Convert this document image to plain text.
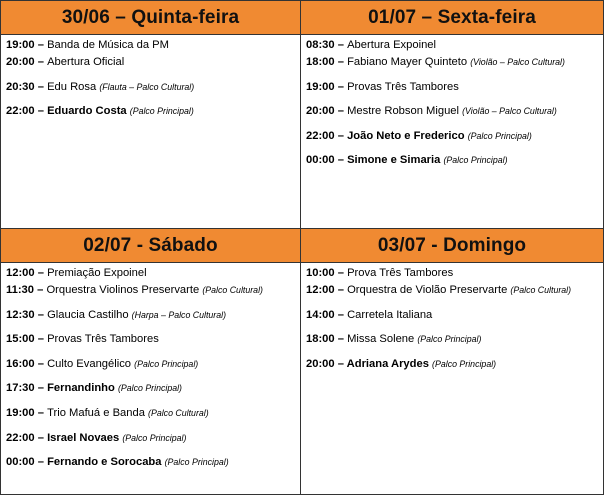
30/06 – Quinta-feira
19:00 – Banda de Música da PM
20:00 – Abertura Oficial
20:30 – Edu Rosa (Flauta – Palco Cultural)
22:00 – Eduardo Costa (Palco Principal)
01/07 – Sexta-feira
08:30 – Abertura Expoinel
18:00 – Fabiano Mayer Quinteto (Violão – Palco Cultural)
19:00 – Provas Três Tambores
20:00 – Mestre Robson Miguel (Violão – Palco Cultural)
22:00 – João Neto e Frederico (Palco Principal)
00:00 – Simone e Simaria (Palco Principal)
02/07 - Sábado
12:00 – Premiação Expoinel
11:30 – Orquestra Violinos Preservarte (Palco Cultural)
12:30 – Glaucia Castilho (Harpa – Palco Cultural)
15:00 – Provas Três Tambores
16:00 – Culto Evangélico (Palco Principal)
17:30 – Fernandinho (Palco Principal)
19:00 – Trio Mafuá e Banda (Palco Cultural)
22:00 – Israel Novaes (Palco Principal)
00:00 – Fernando e Sorocaba (Palco Principal)
03/07 - Domingo
10:00 – Prova Três Tambores
12:00 – Orquestra de Violão Preservarte (Palco Cultural)
14:00 – Carretela Italiana
18:00 – Missa Solene (Palco Principal)
20:00 – Adriana Arydes (Palco Principal)
